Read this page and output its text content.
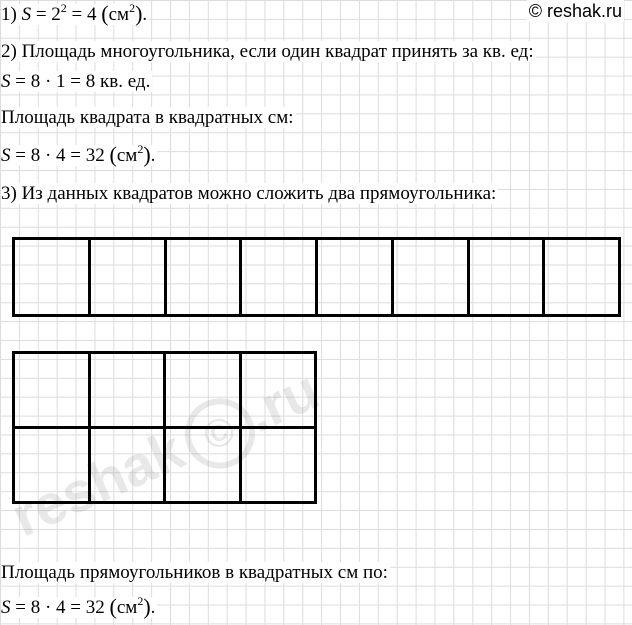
reshak ©.ru
© reshak.ru

1) $S = 2^2 = 4$ $(см^2)$.

2) Площадь многоугольника, если один квадрат принять за кв. ед:

S = 8 · 1 = 8 кв. ед.

Площадь квадрата в квадратных см:

S = 8 · 4 = 32 $(см^2)$.

3) Из данных квадратов можно сложить два прямоугольника:

Площадь прямоугольников в квадратных см по:

S = 8 · 4 = 32 $(см^2)$.
